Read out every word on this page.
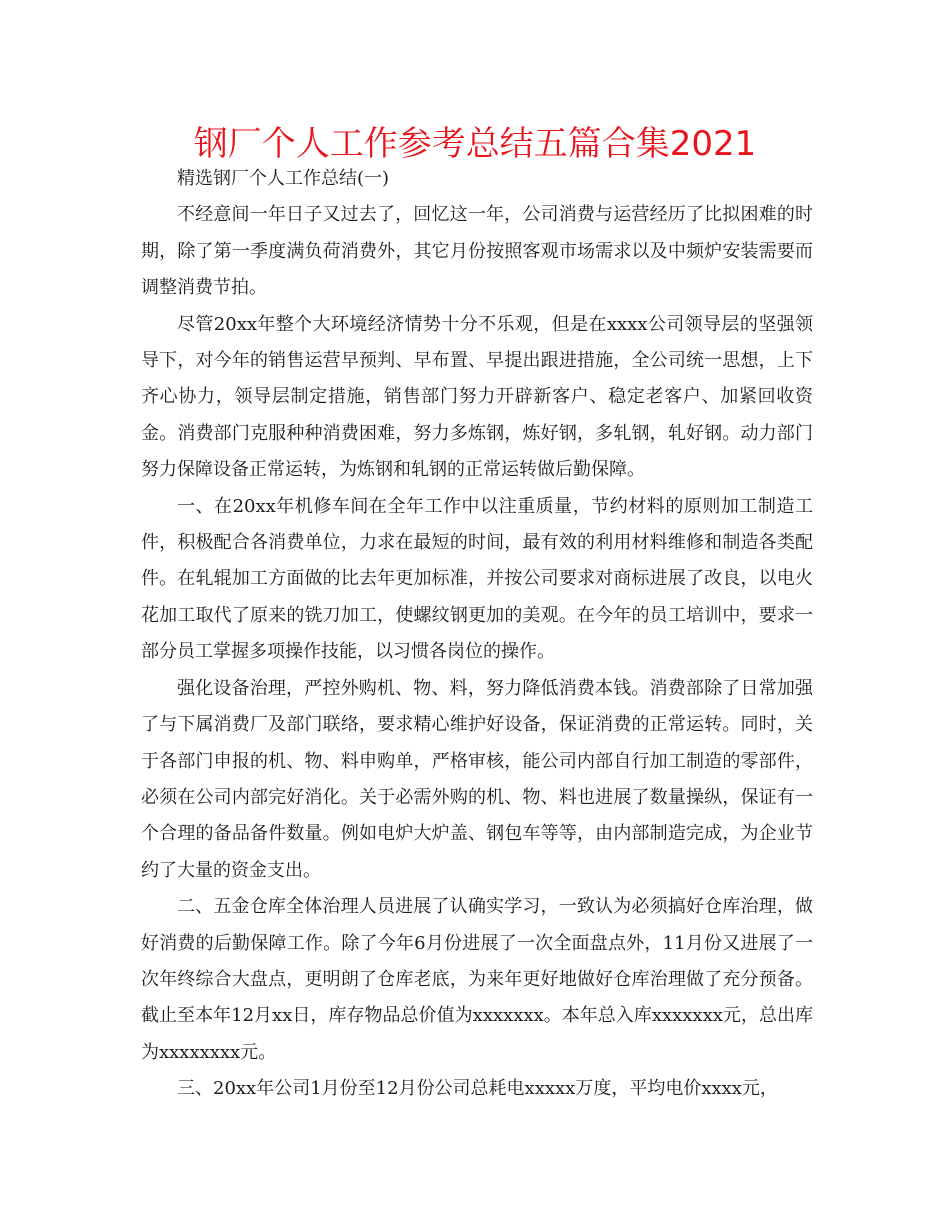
钢厂个人工作参考总结五篇合集2021

精选钢厂个人工作总结(一)

不经意间一年日子又过去了，回忆这一年，公司消费与运营经历了比拟困难的时期，除了第一季度满负荷消费外，其它月份按照客观市场需求以及中频炉安装需要而调整消费节拍。

尽管20xx年整个大环境经济情势十分不乐观，但是在xxxx公司领导层的坚强领导下，对今年的销售运营早预判、早布置、早提出跟进措施，全公司统一思想，上下齐心协力，领导层制定措施，销售部门努力开辟新客户、稳定老客户、加紧回收资金。消费部门克服种种消费困难，努力多炼钢，炼好钢，多轧钢，轧好钢。动力部门努力保障设备正常运转，为炼钢和轧钢的正常运转做后勤保障。

一、在20xx年机修车间在全年工作中以注重质量，节约材料的原则加工制造工件，积极配合各消费单位，力求在最短的时间，最有效的利用材料维修和制造各类配件。在轧辊加工方面做的比去年更加标准，并按公司要求对商标进展了改良，以电火花加工取代了原来的铣刀加工，使螺纹钢更加的美观。在今年的员工培训中，要求一部分员工掌握多项操作技能，以习惯各岗位的操作。

强化设备治理，严控外购机、物、料，努力降低消费本钱。消费部除了日常加强了与下属消费厂及部门联络，要求精心维护好设备，保证消费的正常运转。同时，关于各部门申报的机、物、料申购单，严格审核，能公司内部自行加工制造的零部件，必须在公司内部完好消化。关于必需外购的机、物、料也进展了数量操纵，保证有一个合理的备品备件数量。例如电炉大炉盖、钢包车等等，由内部制造完成，为企业节约了大量的资金支出。

二、五金仓库全体治理人员进展了认确实学习，一致认为必须搞好仓库治理，做好消费的后勤保障工作。除了今年6月份进展了一次全面盘点外，11月份又进展了一次年终综合大盘点，更明朗了仓库老底，为来年更好地做好仓库治理做了充分预备。截止至本年12月xx日，库存物品总价值为xxxxxxx。本年总入库xxxxxxx元，总出库为xxxxxxxx元。

三、20xx年公司1月份至12月份公司总耗电xxxxx万度，平均电价xxxx元，
